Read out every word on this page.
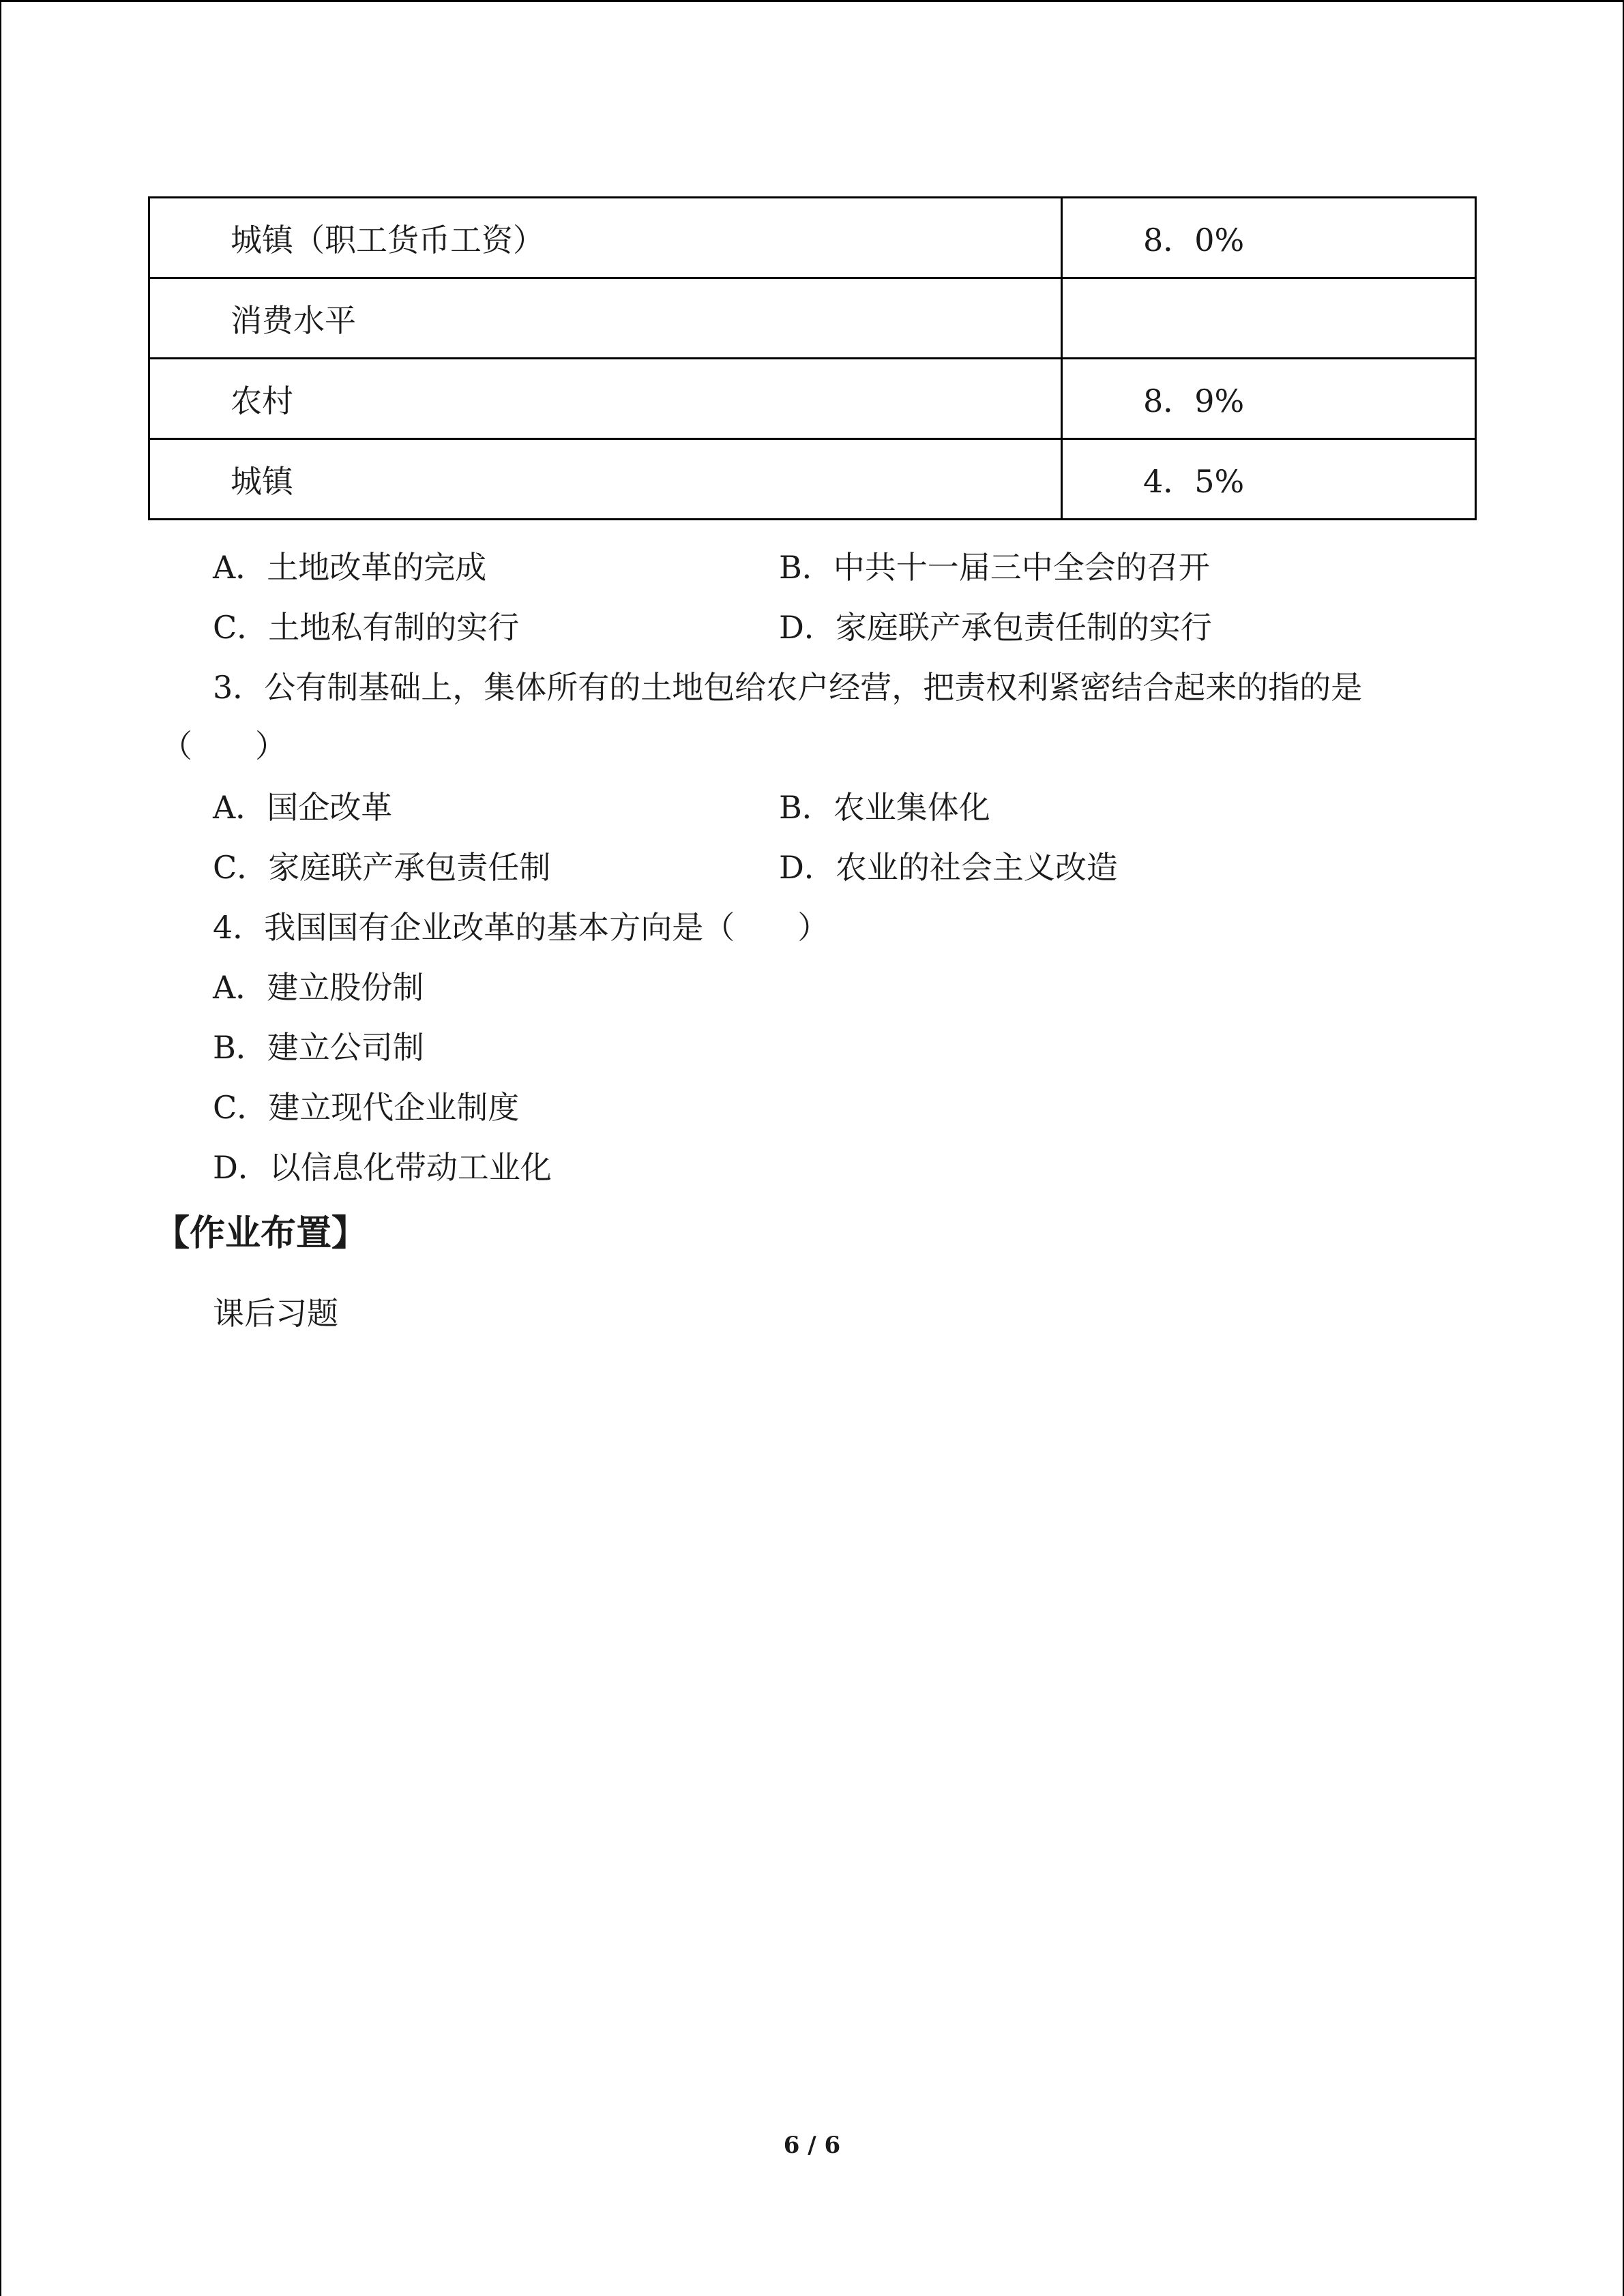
城镇（职工货币工资）	8．0%
消费水平	
农村	8．9%
城镇	4．5%
A．土地改革的完成	B．中共十一届三中全会的召开
C．土地私有制的实行	D．家庭联产承包责任制的实行
3．公有制基础上，集体所有的土地包给农户经营，把责权利紧密结合起来的指的是
（　　）
A．国企改革	B．农业集体化
C．家庭联产承包责任制	D．农业的社会主义改造
4．我国国有企业改革的基本方向是（　　）
A．建立股份制
B．建立公司制
C．建立现代企业制度
D．以信息化带动工业化
【作业布置】
课后习题
6 / 6
